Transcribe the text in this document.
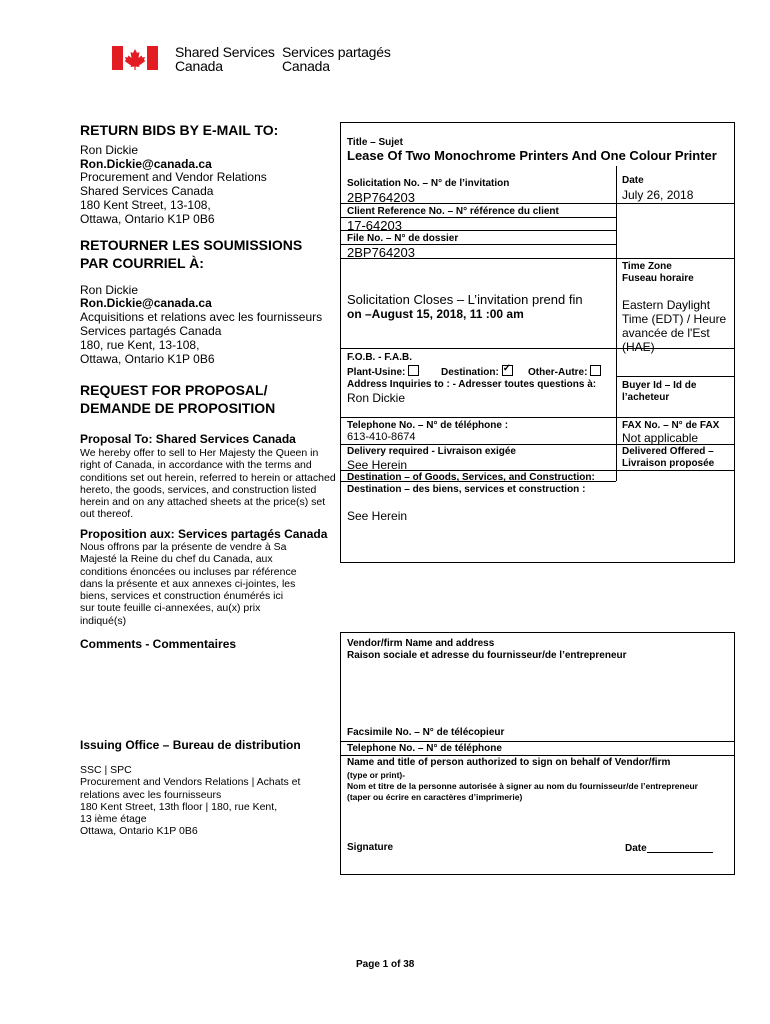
Shared Services
Canada
Services partagés
Canada
RETURN BIDS BY E-MAIL TO:
Ron Dickie
Ron.Dickie@canada.ca
Procurement and Vendor Relations
Shared Services Canada
180 Kent Street, 13-108,
Ottawa, Ontario K1P 0B6
RETOURNER LES SOUMISSIONS
PAR COURRIEL À:
Ron Dickie
Ron.Dickie@canada.ca
Acquisitions et relations avec les fournisseurs
Services partagés Canada
180, rue Kent, 13-108,
Ottawa, Ontario K1P 0B6
REQUEST FOR PROPOSAL/
DEMANDE DE PROPOSITION
Proposal To: Shared Services Canada
We hereby offer to sell to Her Majesty the Queen in
right of Canada, in accordance with the terms and
conditions set out herein, referred to herein or attached
hereto, the goods, services, and construction listed
herein and on any attached sheets at the price(s) set
out thereof.
Proposition aux: Services partagés Canada
Nous offrons par la présente de vendre à Sa
Majesté la Reine du chef du Canada, aux
conditions énoncées ou incluses par référence
dans la présente et aux annexes ci-jointes, les
biens, services et construction énumérés ici
sur toute feuille ci-annexées, au(x) prix
indiqué(s)
Comments - Commentaires
Issuing Office – Bureau de distribution
SSC | SPC
Procurement and Vendors Relations | Achats et
relations avec les fournisseurs
180 Kent Street, 13th floor | 180, rue Kent,
13 ième étage
Ottawa, Ontario K1P 0B6
Title – Sujet
Lease Of Two Monochrome Printers And One Colour Printer
Solicitation No. – N° de l’invitation
2BP764203
Date
July 26, 2018
Client Reference No. – N° référence du client
17-64203
File No. – N° de dossier
2BP764203
Time Zone
Fuseau horaire
Solicitation Closes – L’invitation prend fin
on –August 15, 2018, 11 :00 am
Eastern Daylight
Time (EDT) / Heure
avancée de l'Est
(HAE)
F.O.B. - F.A.B.
Plant-Usine:	Destination:✓	Other-Autre:
Address Inquiries to : - Adresser toutes questions à:
Ron Dickie
Buyer Id – Id de
l’acheteur
Telephone No. – N° de téléphone :
613-410-8674
FAX No. – N° de FAX
Not applicable
Delivery required - Livraison exigée
See Herein
Delivered Offered –
Livraison proposée
Destination – of Goods, Services, and Construction:
Destination – des biens, services et construction :
See Herein
Vendor/firm Name and address
Raison sociale et adresse du fournisseur/de l’entrepreneur
Facsimile No. – N° de télécopieur
Telephone No. – N° de téléphone
Name and title of person authorized to sign on behalf of Vendor/firm
(type or print)-
Nom et titre de la personne autorisée à signer au nom du fournisseur/de l’entrepreneur
(taper ou écrire en caractères d’imprimerie)
Signature	Date
Page 1 of 38
